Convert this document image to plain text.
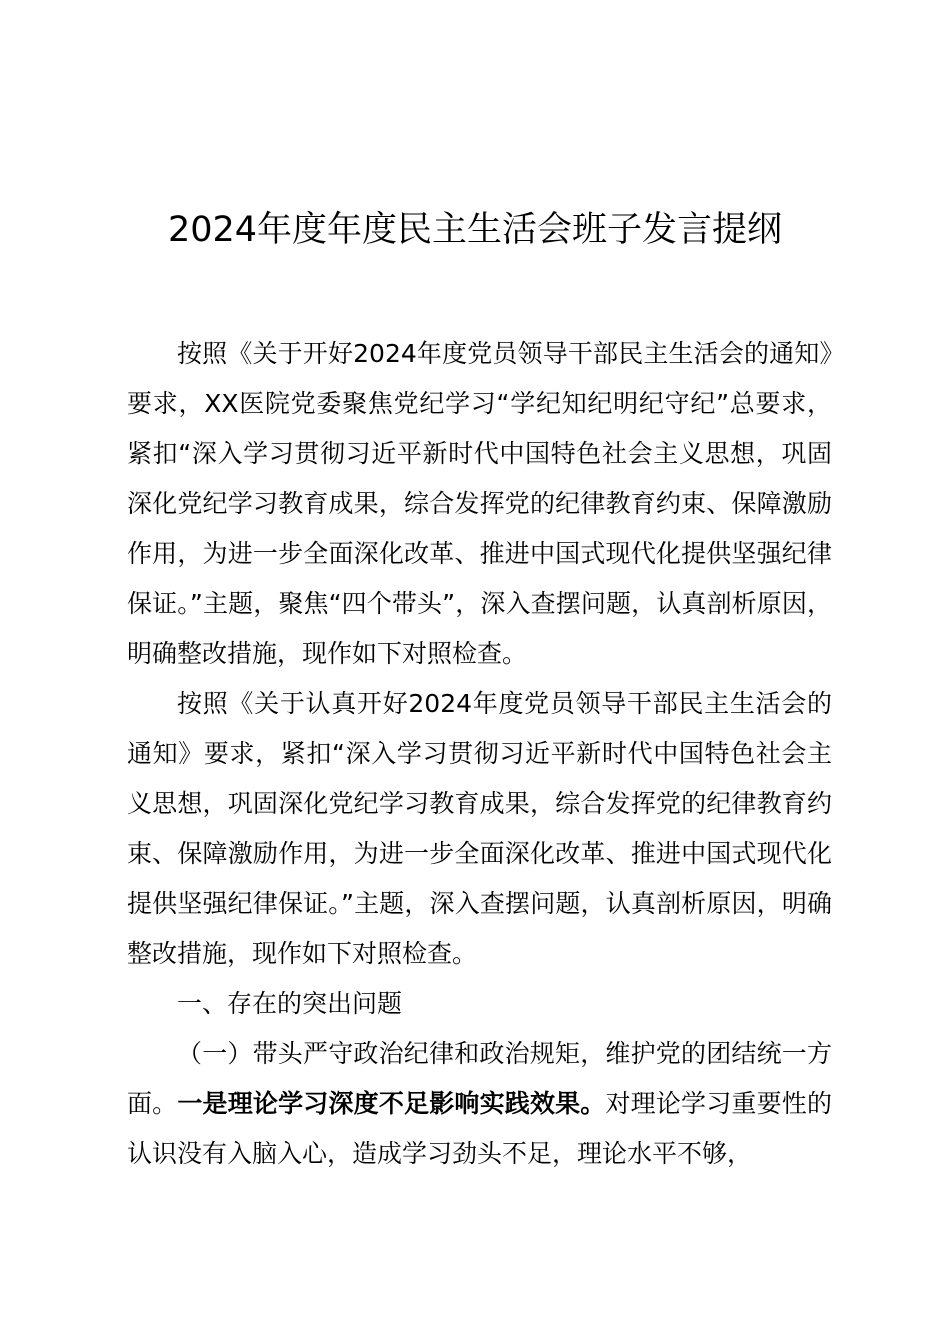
2024年度年度民主生活会班子发言提纲

按照《关于开好2024年度党员领导干部民主生活会的通知》要求，XX医院党委聚焦党纪学习“学纪知纪明纪守纪”总要求，紧扣“深入学习贯彻习近平新时代中国特色社会主义思想，巩固深化党纪学习教育成果，综合发挥党的纪律教育约束、保障激励作用，为进一步全面深化改革、推进中国式现代化提供坚强纪律保证。”主题，聚焦“四个带头”，深入查摆问题，认真剖析原因，明确整改措施，现作如下对照检查。

按照《关于认真开好2024年度党员领导干部民主生活会的通知》要求，紧扣“深入学习贯彻习近平新时代中国特色社会主义思想，巩固深化党纪学习教育成果，综合发挥党的纪律教育约束、保障激励作用，为进一步全面深化改革、推进中国式现代化提供坚强纪律保证。”主题，深入查摆问题，认真剖析原因，明确整改措施，现作如下对照检查。

一、存在的突出问题

（一）带头严守政治纪律和政治规矩，维护党的团结统一方面。一是理论学习深度不足影响实践效果。对理论学习重要性的认识没有入脑入心，造成学习劲头不足，理论水平不够，
